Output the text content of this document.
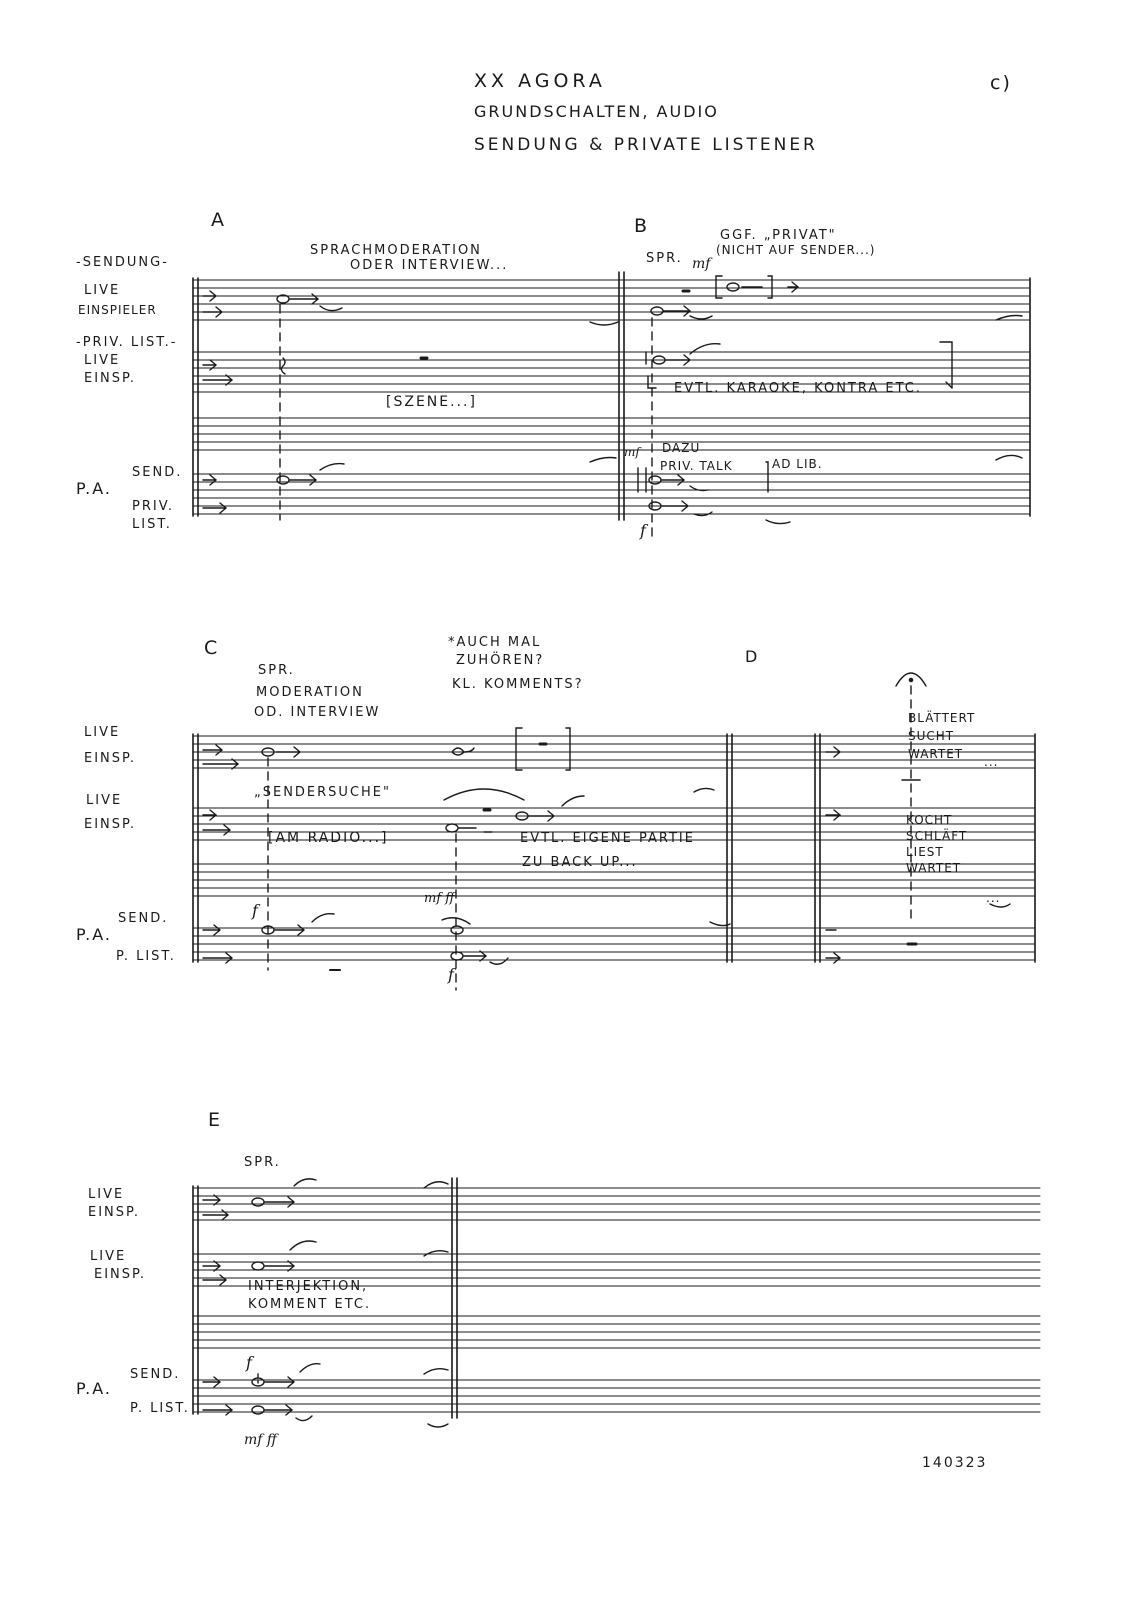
XX AGORA
GRUNDSCHALTEN, AUDIO
SENDUNG & PRIVATE LISTENER
c)
A	B
-SENDUNG-
LIVE
EINSPIELER
-PRIV. LIST.-
LIVE
EINSP.
P.A.
SEND.
PRIV.
LIST.
SPRACHMODERATION
ODER INTERVIEW...
[SZENE...]
SPR. mf
GGF. „PRIVAT"
(NICHT AUF SENDER...)
EVTL. KARAOKE, KONTRA ETC.
mf DAZU
PRIV. TALK	AD LIB.
f
C	D
SPR.
MODERATION
OD. INTERVIEW
*AUCH MAL
ZUHÖREN?
KL. KOMMENTS?
LIVE
EINSP.
LIVE
EINSP.
P.A.
SEND.
P. LIST.
„SENDERSUCHE"
[AM RADIO...]	EVTL. EIGENE PARTIE
ZU BACK UP...
f
mf ff
f
BLÄTTERT
SUCHT
WARTET
...
KOCHT
SCHLÄFT
LIEST
WARTET
...
E
SPR.
LIVE
EINSP.
LIVE
EINSP.
INTERJEKTION,
KOMMENT ETC.
P.A.
SEND.
P. LIST.
f
mf ff
140323
